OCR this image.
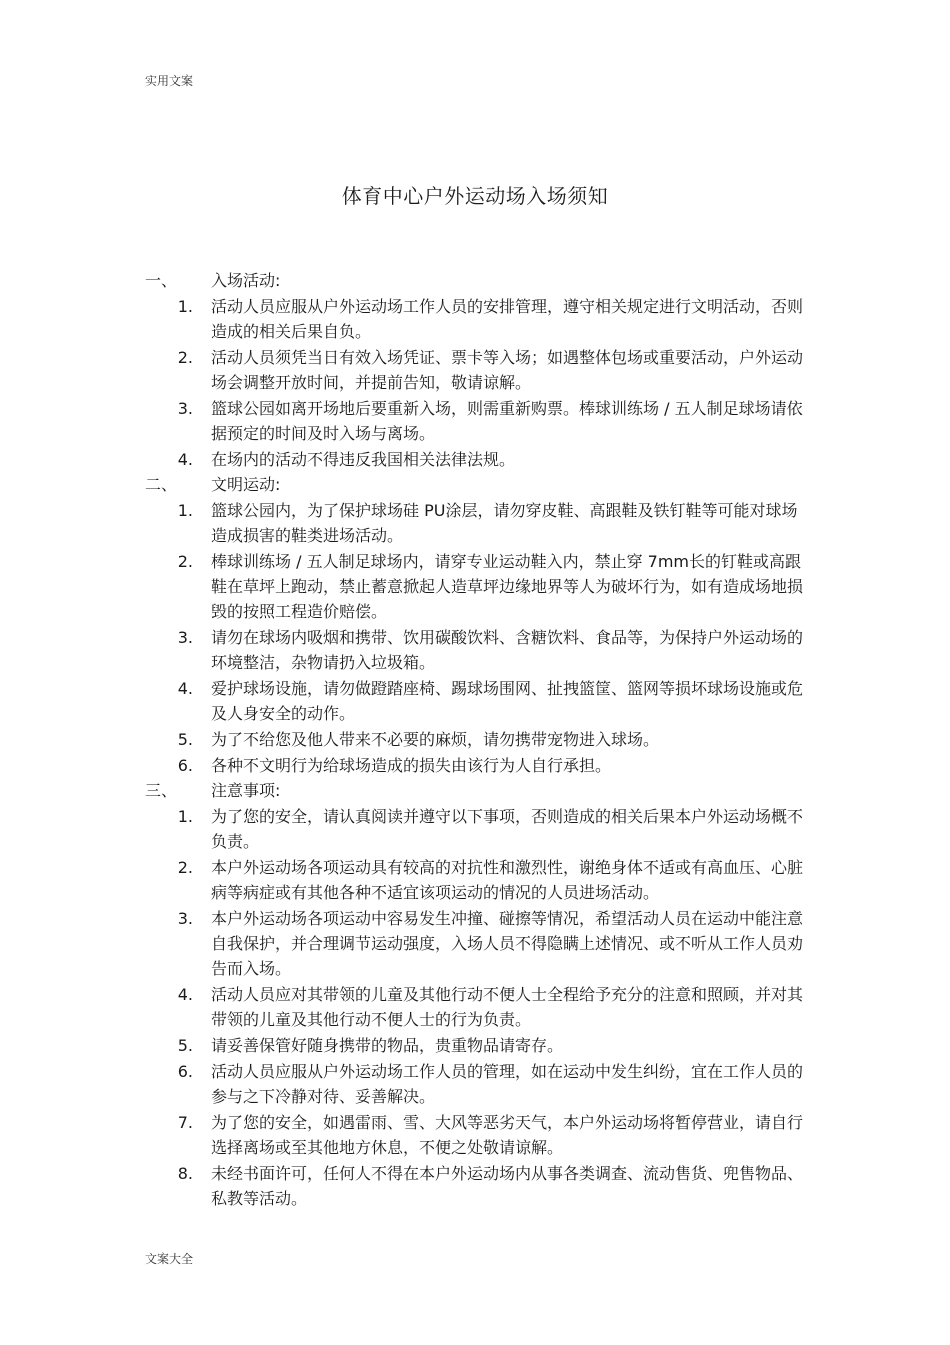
实用文案
体育中心户外运动场入场须知
一、	入场活动:
1.	活动人员应服从户外运动场工作人员的安排管理，遵守相关规定进行文明活动，否则造成的相关后果自负。
2.	活动人员须凭当日有效入场凭证、票卡等入场；如遇整体包场或重要活动，户外运动场会调整开放时间，并提前告知，敬请谅解。
3.	篮球公园如离开场地后要重新入场，则需重新购票。棒球训练场 / 五人制足球场请依据预定的时间及时入场与离场。
4.	在场内的活动不得违反我国相关法律法规。
二、	文明运动:
1.	篮球公园内，为了保护球场硅 PU涂层，请勿穿皮鞋、高跟鞋及铁钉鞋等可能对球场造成损害的鞋类进场活动。
2.	棒球训练场 / 五人制足球场内，请穿专业运动鞋入内，禁止穿 7mm长的钉鞋或高跟鞋在草坪上跑动，禁止蓄意掀起人造草坪边缘地界等人为破坏行为，如有造成场地损毁的按照工程造价赔偿。
3.	请勿在球场内吸烟和携带、饮用碳酸饮料、含糖饮料、食品等，为保持户外运动场的环境整洁，杂物请扔入垃圾箱。
4.	爱护球场设施，请勿做蹬踏座椅、踢球场围网、扯拽篮筐、篮网等损坏球场设施或危及人身安全的动作。
5.	为了不给您及他人带来不必要的麻烦，请勿携带宠物进入球场。
6.	各种不文明行为给球场造成的损失由该行为人自行承担。
三、	注意事项:
1.	为了您的安全，请认真阅读并遵守以下事项，否则造成的相关后果本户外运动场概不负责。
2.	本户外运动场各项运动具有较高的对抗性和激烈性，谢绝身体不适或有高血压、心脏病等病症或有其他各种不适宜该项运动的情况的人员进场活动。
3.	本户外运动场各项运动中容易发生冲撞、碰擦等情况，希望活动人员在运动中能注意自我保护，并合理调节运动强度，入场人员不得隐瞒上述情况、或不听从工作人员劝告而入场。
4.	活动人员应对其带领的儿童及其他行动不便人士全程给予充分的注意和照顾，并对其带领的儿童及其他行动不便人士的行为负责。
5.	请妥善保管好随身携带的物品，贵重物品请寄存。
6.	活动人员应服从户外运动场工作人员的管理，如在运动中发生纠纷，宜在工作人员的参与之下冷静对待、妥善解决。
7.	为了您的安全，如遇雷雨、雪、大风等恶劣天气，本户外运动场将暂停营业，请自行选择离场或至其他地方休息，不便之处敬请谅解。
8.	未经书面许可，任何人不得在本户外运动场内从事各类调查、流动售货、兜售物品、私教等活动。
文案大全
